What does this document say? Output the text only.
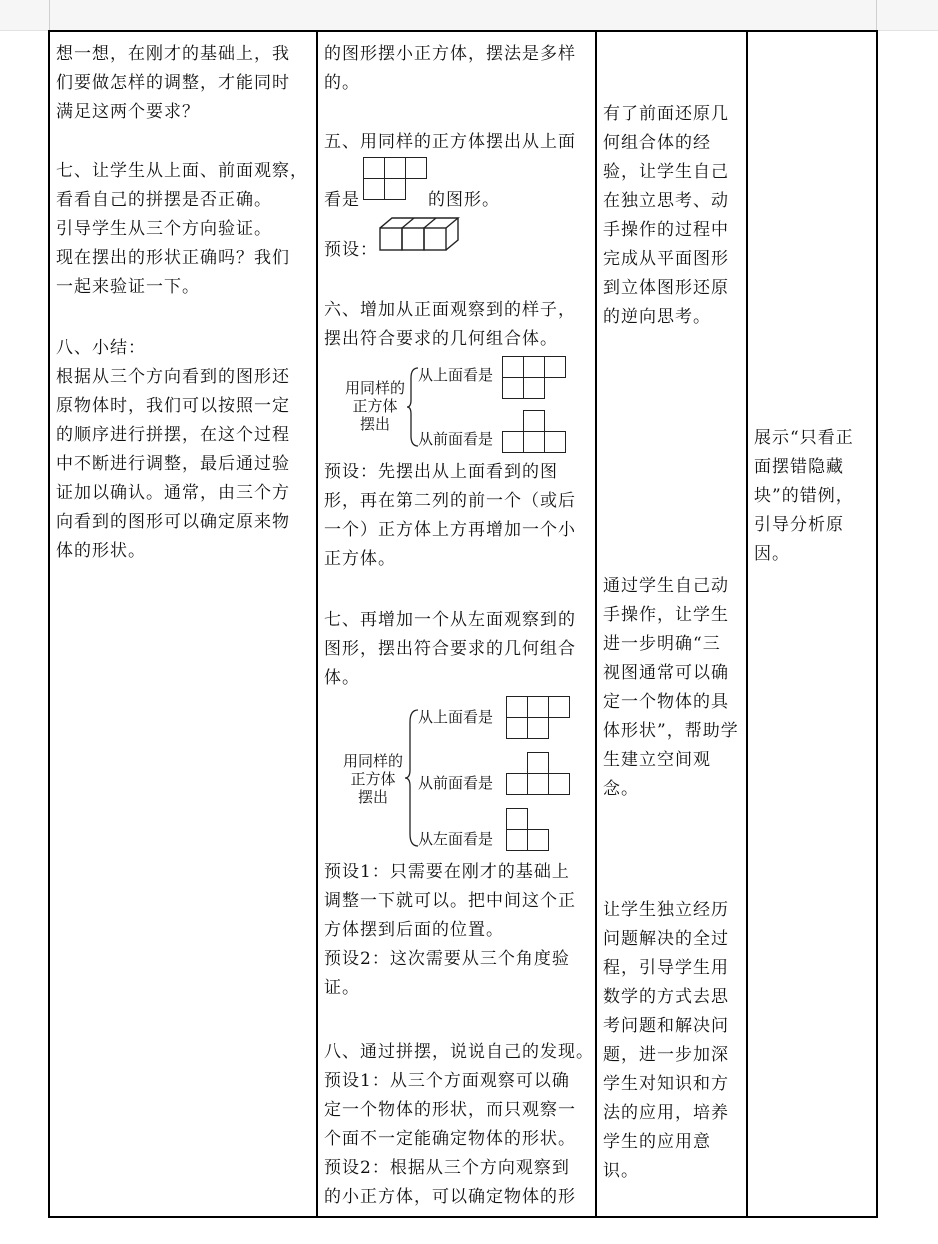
想一想，在刚才的基础上，我
们要做怎样的调整，才能同时
满足这两个要求？
七、让学生从上面、前面观察，
看看自己的拼摆是否正确。
引导学生从三个方向验证。
现在摆出的形状正确吗？我们
一起来验证一下。
八、小结：
根据从三个方向看到的图形还
原物体时，我们可以按照一定
的顺序进行拼摆，在这个过程
中不断进行调整，最后通过验
证加以确认。通常，由三个方
向看到的图形可以确定原来物
体的形状。
的图形摆小正方体，摆法是多样
的。
五、用同样的正方体摆出从上面
看是	的图形。
预设：
六、增加从正面观察到的样子，
摆出符合要求的几何组合体。
用同样的
正方体
摆出
从上面看是
从前面看是
预设：先摆出从上面看到的图
形，再在第二列的前一个（或后
一个）正方体上方再增加一个小
正方体。
七、再增加一个从左面观察到的
图形，摆出符合要求的几何组合
体。
用同样的
正方体
摆出
从上面看是
从前面看是
从左面看是
预设1：只需要在刚才的基础上
调整一下就可以。把中间这个正
方体摆到后面的位置。
预设2：这次需要从三个角度验
证。
八、通过拼摆，说说自己的发现。
预设1：从三个方面观察可以确
定一个物体的形状，而只观察一
个面不一定能确定物体的形状。
预设2：根据从三个方向观察到
的小正方体，可以确定物体的形
有了前面还原几
何组合体的经
验，让学生自己
在独立思考、动
手操作的过程中
完成从平面图形
到立体图形还原
的逆向思考。
通过学生自己动
手操作，让学生
进一步明确“三
视图通常可以确
定一个物体的具
体形状”，帮助学
生建立空间观
念。
让学生独立经历
问题解决的全过
程，引导学生用
数学的方式去思
考问题和解决问
题，进一步加深
学生对知识和方
法的应用，培养
学生的应用意
识。
展示“只看正
面摆错隐藏
块”的错例，
引导分析原
因。
